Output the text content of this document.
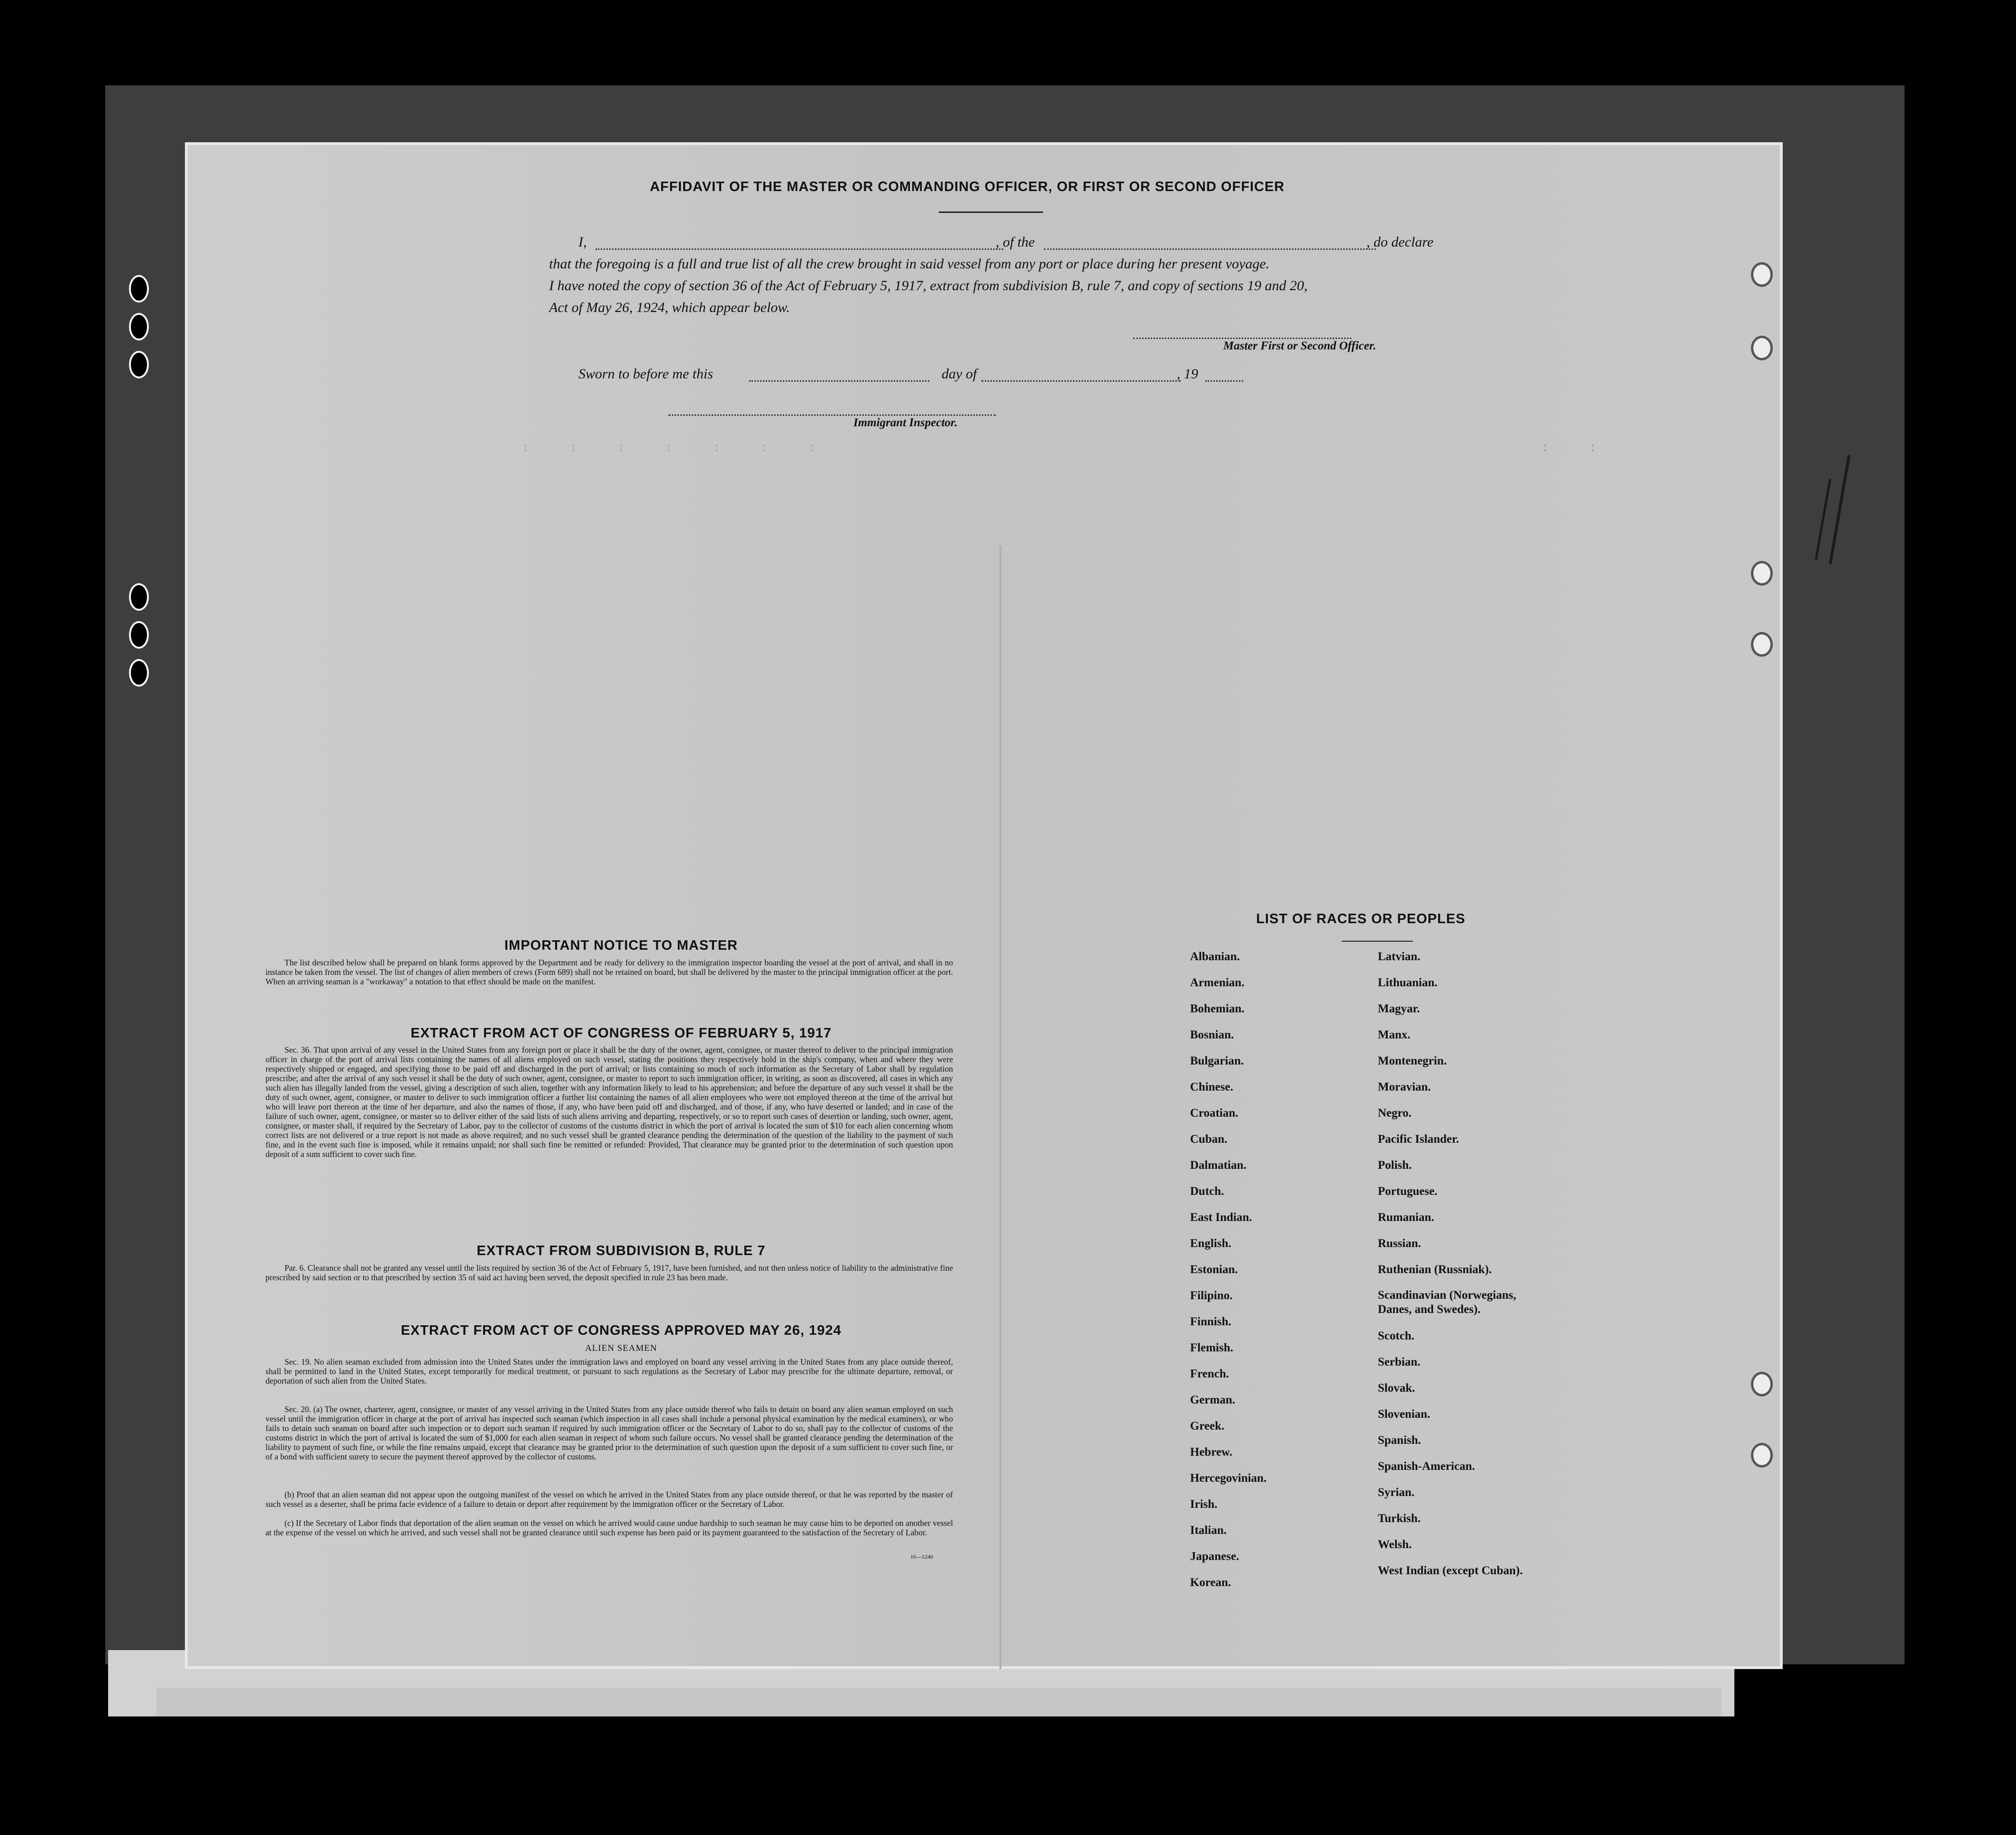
:     :     :     :     :     :     :	:     :
AFFIDAVIT OF THE MASTER OR COMMANDING OFFICER, OR FIRST OR SECOND OFFICER
I,	, of the	, do declare
that the foregoing is a full and true list of all the crew brought in said vessel from any port or place during her present voyage.
I have noted the copy of section 36 of the Act of February 5, 1917, extract from subdivision B, rule 7, and copy of sections 19 and 20,
Act of May 26, 1924, which appear below.
Master First or Second Officer.
Sworn to before me this	day of	, 19
Immigrant Inspector.
IMPORTANT NOTICE TO MASTER
The list described below shall be prepared on blank forms approved by the Department and be ready for delivery to the immigration inspector boarding the vessel at the port of arrival, and shall in no instance be taken from the vessel. The list of changes of alien members of crews (Form 689) shall not be retained on board, but shall be delivered by the master to the principal immigration officer at the port. When an arriving seaman is a "workaway" a notation to that effect should be made on the manifest.
EXTRACT FROM ACT OF CONGRESS OF FEBRUARY 5, 1917
Sec. 36. That upon arrival of any vessel in the United States from any foreign port or place it shall be the duty of the owner, agent, consignee, or master thereof to deliver to the principal immigration officer in charge of the port of arrival lists containing the names of all aliens employed on such vessel, stating the positions they respectively hold in the ship's company, when and where they were respectively shipped or engaged, and specifying those to be paid off and discharged in the port of arrival; or lists containing so much of such information as the Secretary of Labor shall by regulation prescribe; and after the arrival of any such vessel it shall be the duty of such owner, agent, consignee, or master to report to such immigration officer, in writing, as soon as discovered, all cases in which any such alien has illegally landed from the vessel, giving a description of such alien, together with any information likely to lead to his apprehension; and before the departure of any such vessel it shall be the duty of such owner, agent, consignee, or master to deliver to such immigration officer a further list containing the names of all alien employees who were not employed thereon at the time of the arrival but who will leave port thereon at the time of her departure, and also the names of those, if any, who have been paid off and discharged, and of those, if any, who have deserted or landed; and in case of the failure of such owner, agent, consignee, or master so to deliver either of the said lists of such aliens arriving and departing, respectively, or so to report such cases of desertion or landing, such owner, agent, consignee, or master shall, if required by the Secretary of Labor, pay to the collector of customs of the customs district in which the port of arrival is located the sum of $10 for each alien concerning whom correct lists are not delivered or a true report is not made as above required; and no such vessel shall be granted clearance pending the determination of the question of the liability to the payment of such fine, and in the event such fine is imposed, while it remains unpaid; nor shall such fine be remitted or refunded: Provided, That clearance may be granted prior to the determination of such question upon deposit of a sum sufficient to cover such fine.
EXTRACT FROM SUBDIVISION B, RULE 7
Par. 6. Clearance shall not be granted any vessel until the lists required by section 36 of the Act of February 5, 1917, have been furnished, and not then unless notice of liability to the administrative fine prescribed by said section or to that prescribed by section 35 of said act having been served, the deposit specified in rule 23 has been made.
EXTRACT FROM ACT OF CONGRESS APPROVED MAY 26, 1924
ALIEN SEAMEN
Sec. 19. No alien seaman excluded from admission into the United States under the immigration laws and employed on board any vessel arriving in the United States from any place outside thereof, shall be permitted to land in the United States, except temporarily for medical treatment, or pursuant to such regulations as the Secretary of Labor may prescribe for the ultimate departure, removal, or deportation of such alien from the United States.
Sec. 20. (a) The owner, charterer, agent, consignee, or master of any vessel arriving in the United States from any place outside thereof who fails to detain on board any alien seaman employed on such vessel until the immigration officer in charge at the port of arrival has inspected such seaman (which inspection in all cases shall include a personal physical examination by the medical examiners), or who fails to detain such seaman on board after such inspection or to deport such seaman if required by such immigration officer or the Secretary of Labor to do so, shall pay to the collector of customs of the customs district in which the port of arrival is located the sum of $1,000 for each alien seaman in respect of whom such failure occurs. No vessel shall be granted clearance pending the determination of the liability to payment of such fine, or while the fine remains unpaid, except that clearance may be granted prior to the determination of such question upon the deposit of a sum sufficient to cover such fine, or of a bond with sufficient surety to secure the payment thereof approved by the collector of customs.
(b) Proof that an alien seaman did not appear upon the outgoing manifest of the vessel on which he arrived in the United States from any place outside thereof, or that he was reported by the master of such vessel as a deserter, shall be prima facie evidence of a failure to detain or deport after requirement by the immigration officer or the Secretary of Labor.
(c) If the Secretary of Labor finds that deportation of the alien seaman on the vessel on which he arrived would cause undue hardship to such seaman he may cause him to be deported on another vessel at the expense of the vessel on which he arrived, and such vessel shall not be granted clearance until such expense has been paid or its payment guaranteed to the satisfaction of the Secretary of Labor.
16—1240
LIST OF RACES OR PEOPLES
Albanian.
Armenian.
Bohemian.
Bosnian.
Bulgarian.
Chinese.
Croatian.
Cuban.
Dalmatian.
Dutch.
East Indian.
English.
Estonian.
Filipino.
Finnish.
Flemish.
French.
German.
Greek.
Hebrew.
Hercegovinian.
Irish.
Italian.
Japanese.
Korean.
Latvian.
Lithuanian.
Magyar.
Manx.
Montenegrin.
Moravian.
Negro.
Pacific Islander.
Polish.
Portuguese.
Rumanian.
Russian.
Ruthenian (Russniak).
Scandinavian (Norwegians,
Danes, and Swedes).
Scotch.
Serbian.
Slovak.
Slovenian.
Spanish.
Spanish-American.
Syrian.
Turkish.
Welsh.
West Indian (except Cuban).
